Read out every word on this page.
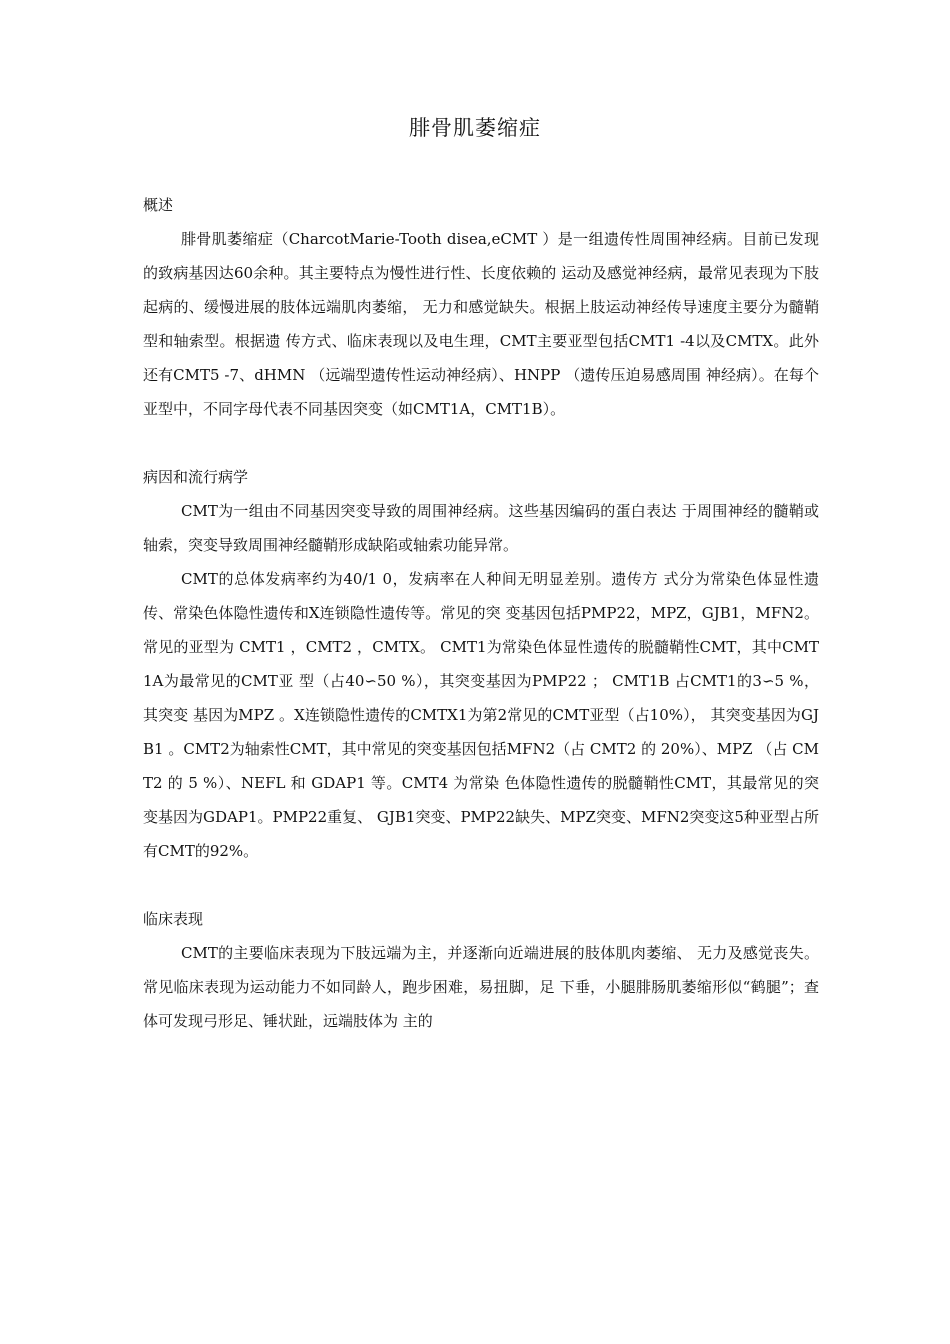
腓骨肌萎缩症
概述

腓骨肌萎缩症（CharcotMarie-Tooth disea,eCMT ）是一组遗传性周围神经病。目前已发现的致病基因达60余种。其主要特点为慢性进行性、长度依赖的 运动及感觉神经病，最常见表现为下肢起病的、缓慢进展的肢体远端肌肉萎缩， 无力和感觉缺失。根据上肢运动神经传导速度主要分为髓鞘型和轴索型。根据遗 传方式、临床表现以及电生理，CMT主要亚型包括CMT1 -4以及CMTX。此外 还有CMT5 -7、dHMN （远端型遗传性运动神经病）、HNPP （遗传压迫易感周围 神经病）。在每个亚型中，不同字母代表不同基因突变（如CMT1A，CMT1B）。

病因和流行病学

CMT为一组由不同基因突变导致的周围神经病。这些基因编码的蛋白表达 于周围神经的髓鞘或轴索，突变导致周围神经髓鞘形成缺陷或轴索功能异常。

CMT的总体发病率约为40/1 0，发病率在人种间无明显差别。遗传方 式分为常染色体显性遗传、常染色体隐性遗传和X连锁隐性遗传等。常见的突 变基因包括PMP22，MPZ，GJB1，MFN2。常见的亚型为 CMT1 ，CMT2 ，CMTX。 CMT1为常染色体显性遗传的脱髓鞘性CMT，其中CMT1A为最常见的CMT亚 型（占40∽50 %），其突变基因为PMP22 ； CMT1B 占CMT1的3∽5 %，其突变 基因为MPZ 。X连锁隐性遗传的CMTX1为第2常见的CMT亚型（占10%）， 其突变基因为GJB1 。CMT2为轴索性CMT，其中常见的突变基因包括MFN2（占 CMT2 的 20%）、MPZ （占 CMT2 的 5 %）、NEFL 和 GDAP1 等。CMT4 为常染 色体隐性遗传的脱髓鞘性CMT，其最常见的突变基因为GDAP1。PMP22重复、 GJB1突变、PMP22缺失、MPZ突变、MFN2突变这5种亚型占所有CMT的92%。

临床表现

CMT的主要临床表现为下肢远端为主，并逐渐向近端进展的肢体肌肉萎缩、 无力及感觉丧失。常见临床表现为运动能力不如同龄人，跑步困难，易扭脚，足 下垂，小腿腓肠肌萎缩形似“鹤腿”；查体可发现弓形足、锤状趾，远端肢体为 主的
